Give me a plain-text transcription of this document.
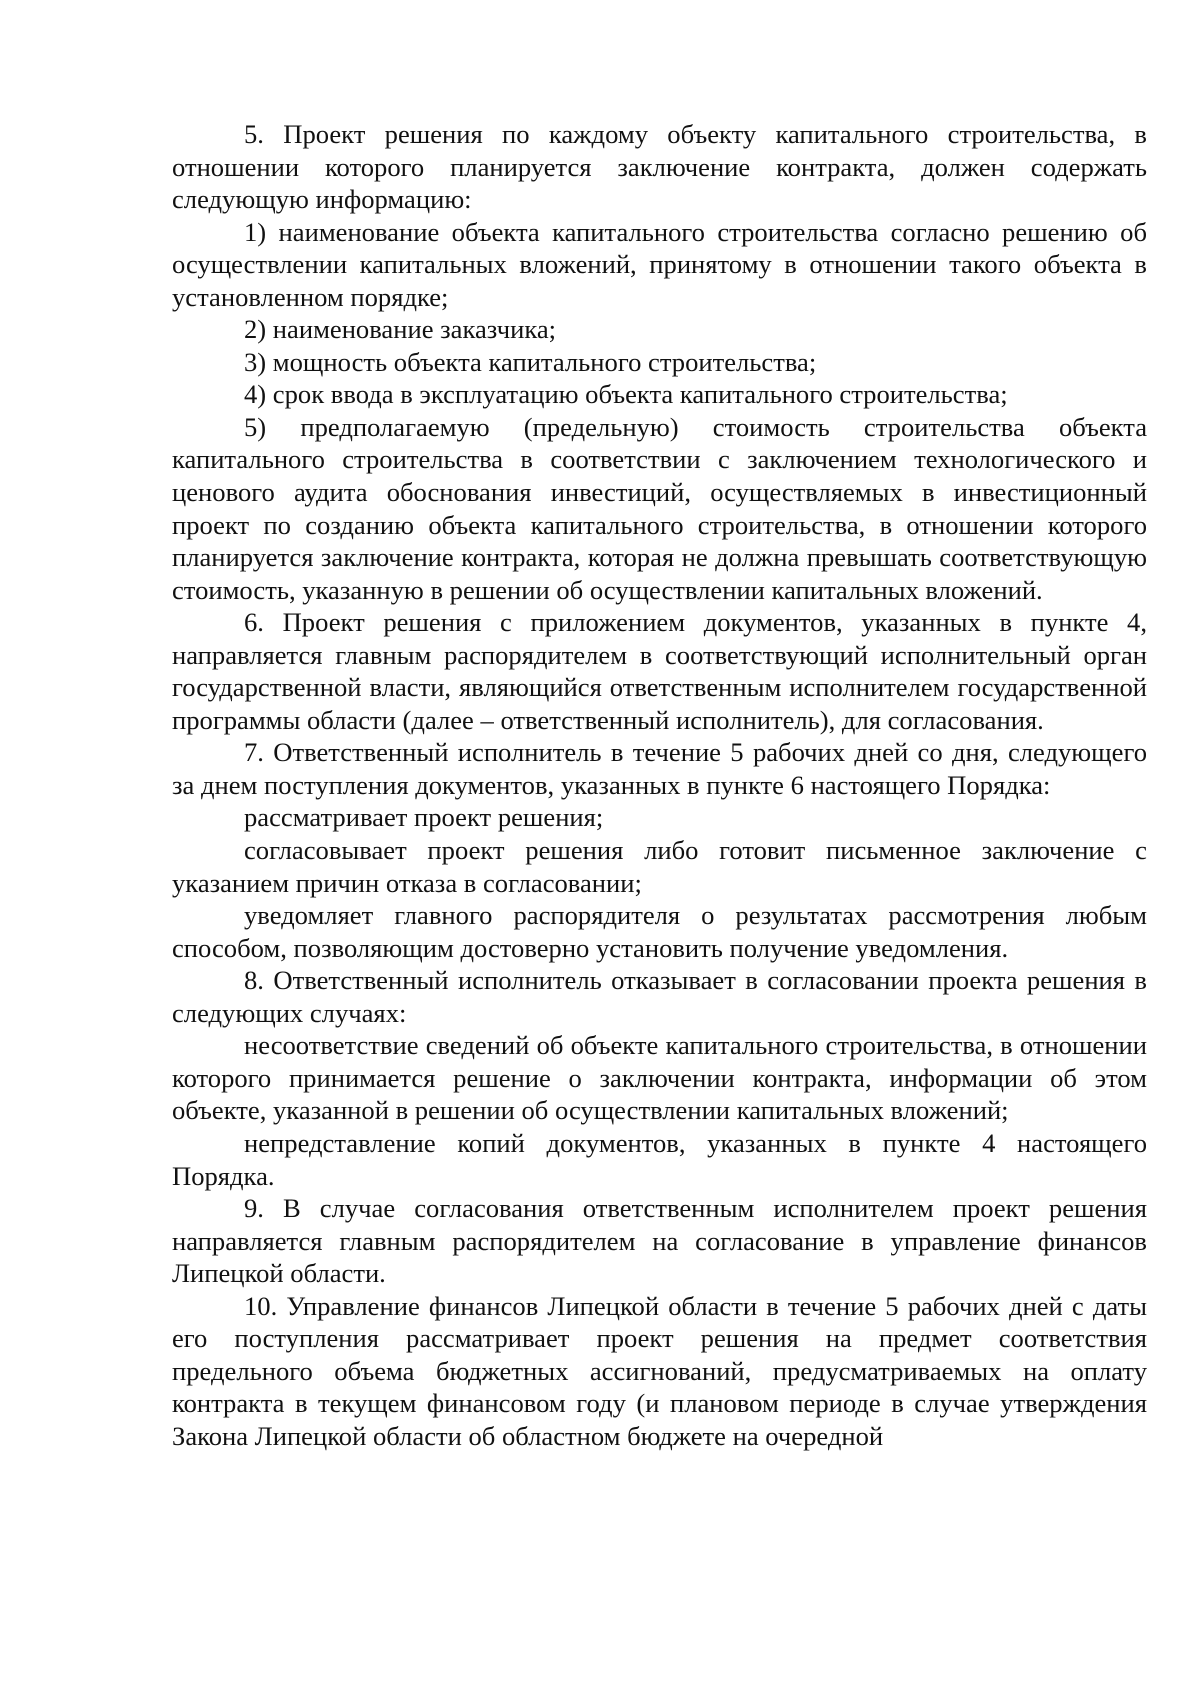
5. Проект решения по каждому объекту капитального строительства, в отношении которого планируется заключение контракта, должен содержать следующую информацию:

1) наименование объекта капитального строительства согласно решению об осуществлении капитальных вложений, принятому в отношении такого объекта в установленном порядке;

2) наименование заказчика;

3) мощность объекта капитального строительства;

4) срок ввода в эксплуатацию объекта капитального строительства;

5) предполагаемую (предельную) стоимость строительства объекта капитального строительства в соответствии с заключением технологического и ценового аудита обоснования инвестиций, осуществляемых в инвестиционный проект по созданию объекта капитального строительства, в отношении которого планируется заключение контракта, которая не должна превышать соответствующую стоимость, указанную в решении об осуществлении капитальных вложений.

6. Проект решения с приложением документов, указанных в пункте 4, направляется главным распорядителем в соответствующий исполнительный орган государственной власти, являющийся ответственным исполнителем государственной программы области (далее – ответственный исполнитель), для согласования.

7. Ответственный исполнитель в течение 5 рабочих дней со дня, следующего за днем поступления документов, указанных в пункте 6 настоящего Порядка:

рассматривает проект решения;

согласовывает проект решения либо готовит письменное заключение с указанием причин отказа в согласовании;

уведомляет главного распорядителя о результатах рассмотрения любым способом, позволяющим достоверно установить получение уведомления.

8. Ответственный исполнитель отказывает в согласовании проекта решения в следующих случаях:

несоответствие сведений об объекте капитального строительства, в отношении которого принимается решение о заключении контракта, информации об этом объекте, указанной в решении об осуществлении капитальных вложений;

непредставление копий документов, указанных в пункте 4 настоящего Порядка.

9. В случае согласования ответственным исполнителем проект решения направляется главным распорядителем на согласование в управление финансов Липецкой области.

10. Управление финансов Липецкой области в течение 5 рабочих дней с даты его поступления рассматривает проект решения на предмет соответствия предельного объема бюджетных ассигнований, предусматриваемых на оплату контракта в текущем финансовом году (и плановом периоде в случае утверждения Закона Липецкой области об областном бюджете на очередной
